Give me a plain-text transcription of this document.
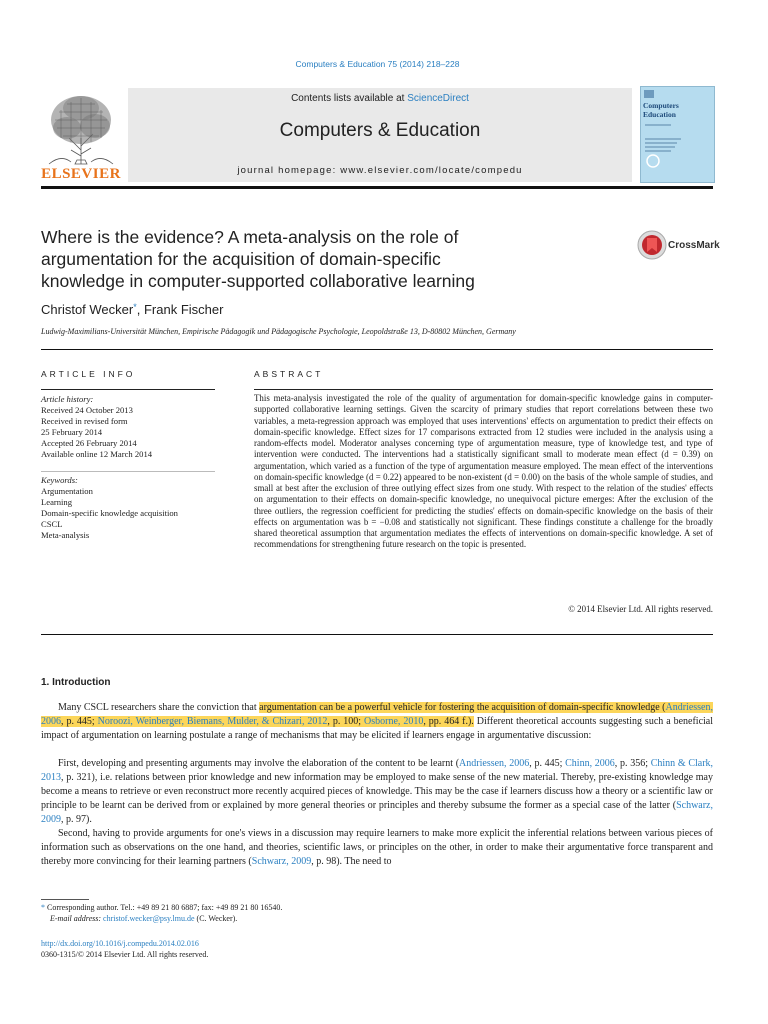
Computers & Education 75 (2014) 218–228
ELSEVIER
Contents lists available at ScienceDirect
Computers & Education
journal homepage: www.elsevier.com/locate/compedu
Computers
Education
Where is the evidence? A meta-analysis on the role of
argumentation for the acquisition of domain-specific
knowledge in computer-supported collaborative learning
CrossMark
Christof Wecker*, Frank Fischer
Ludwig-Maximilians-Universität München, Empirische Pädagogik und Pädagogische Psychologie, Leopoldstraße 13, D-80802 München, Germany
ARTICLE INFO	ABSTRACT
Article history:
Received 24 October 2013
Received in revised form
25 February 2014
Accepted 26 February 2014
Available online 12 March 2014
Keywords:
Argumentation
Learning
Domain-specific knowledge acquisition
CSCL
Meta-analysis
This meta-analysis investigated the role of the quality of argumentation for domain-specific knowledge gains in computer-supported collaborative learning settings. Given the scarcity of primary studies that report correlations between these two variables, a meta-regression approach was employed that uses interventions' effects on argumentation to predict their effects on domain-specific knowledge. Effect sizes for 17 comparisons extracted from 12 studies were included in the analysis using a random-effects model. Moderator analyses concerning type of argumentation measure, type of knowledge test, and type of intervention were conducted. The interventions had a statistically significant small to moderate mean effect (d = 0.39) on argumentation, which varied as a function of the type of argumentation measure employed. The mean effect of the interventions on domain-specific knowledge (d = 0.22) appeared to be non-existent (d = 0.00) on the basis of the whole sample of studies, and small at best after the exclusion of three outlying effect sizes from one study. With respect to the relation of the studies' effects on argumentation to their effects on domain-specific knowledge, no unequivocal picture emerges: After the exclusion of the three outliers, the regression coefficient for predicting the studies' effects on domain-specific knowledge on the basis of their effects on argumentation was b = −0.08 and statistically not significant. These findings constitute a challenge for the broadly shared theoretical assumption that argumentation mediates the effects of interventions on domain-specific knowledge. A set of recommendations for strengthening future research on the topic is presented.
© 2014 Elsevier Ltd. All rights reserved.
1. Introduction
Many CSCL researchers share the conviction that argumentation can be a powerful vehicle for fostering the acquisition of domain-specific knowledge (Andriessen, 2006, p. 445; Noroozi, Weinberger, Biemans, Mulder, & Chizari, 2012, p. 100; Osborne, 2010, pp. 464 f.). Different theoretical accounts suggesting such a beneficial impact of argumentation on learning postulate a range of mechanisms that may be elicited if learners engage in argumentative discussion:
First, developing and presenting arguments may involve the elaboration of the content to be learnt (Andriessen, 2006, p. 445; Chinn, 2006, p. 356; Chinn & Clark, 2013, p. 321), i.e. relations between prior knowledge and new information may be employed to make sense of the new material. Thereby, pre-existing knowledge may become a means to retrieve or even reconstruct more recently acquired pieces of knowledge. This may be the case if learners discuss how a theory or a scientific law or principle to be learnt can be derived from or explained by more general theories or principles and thereby subsume the former as a special case of the latter (Schwarz, 2009, p. 97).
Second, having to provide arguments for one's views in a discussion may require learners to make more explicit the inferential relations between various pieces of information such as observations on the one hand, and theories, scientific laws, or principles on the other, in order to make their argumentative force transparent and thereby more convincing for their learning partners (Schwarz, 2009, p. 98). The need to
* Corresponding author. Tel.: +49 89 21 80 6887; fax: +49 89 21 80 16540.
E-mail address: christof.wecker@psy.lmu.de (C. Wecker).
http://dx.doi.org/10.1016/j.compedu.2014.02.016
0360-1315/© 2014 Elsevier Ltd. All rights reserved.
